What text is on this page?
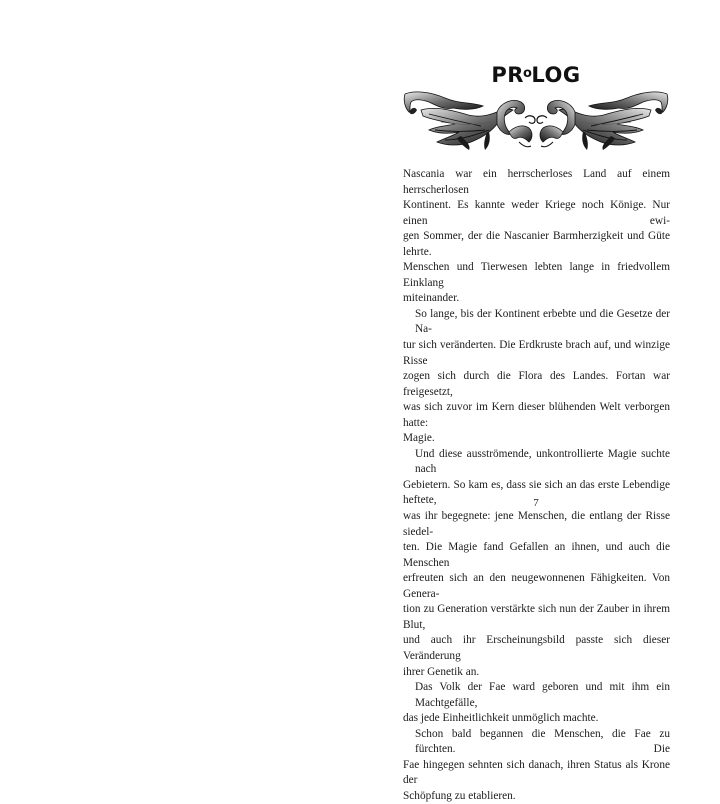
$PR^oLOG$

Nascania war ein herrscherloses Land auf einem herrscherlosen
Kontinent. Es kannte weder Kriege noch Könige. Nur einen ewi-
gen Sommer, der die Nascanier Barmherzigkeit und Güte lehrte.
Menschen und Tierwesen lebten lange in friedvollem Einklang
miteinander.

So lange, bis der Kontinent erbebte und die Gesetze der Na-
tur sich veränderten. Die Erdkruste brach auf, und winzige Risse
zogen sich durch die Flora des Landes. Fortan war freigesetzt,
was sich zuvor im Kern dieser blühenden Welt verborgen hatte:
Magie.

Und diese ausströmende, unkontrollierte Magie suchte nach
Gebietern. So kam es, dass sie sich an das erste Lebendige heftete,
was ihr begegnete: jene Menschen, die entlang der Risse siedel-
ten. Die Magie fand Gefallen an ihnen, und auch die Menschen
erfreuten sich an den neugewonnenen Fähigkeiten. Von Genera-
tion zu Generation verstärkte sich nun der Zauber in ihrem Blut,
und auch ihr Erscheinungsbild passte sich dieser Veränderung
ihrer Genetik an.

Das Volk der Fae ward geboren und mit ihm ein Machtgefälle,
das jede Einheitlichkeit unmöglich machte.

Schon bald begannen die Menschen, die Fae zu fürchten. Die
Fae hingegen sehnten sich danach, ihren Status als Krone der
Schöpfung zu etablieren.

7
